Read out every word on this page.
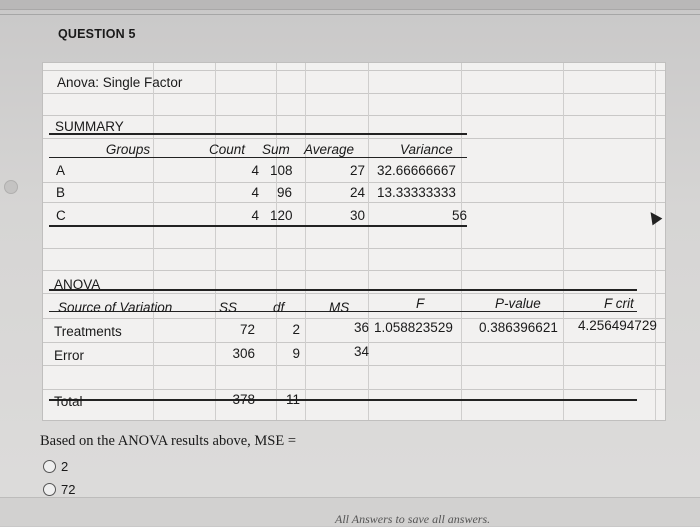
QUESTION 5
Anova: Single Factor
SUMMARY
Groups	Count Sum Average	Variance
A	4 108	27 32.66666667
B	4 96	24 13.33333333
C	4 120	30	56
ANOVA
Source of Variation	SS	df	MS	F	P-value	F crit
Treatments	72	2	36 1.058823529 0.386396621 4.256494729
Error	306	9	34
Total	378	11
Based on the ANOVA results above, MSE =
2
72
All Answers to save all answers.
